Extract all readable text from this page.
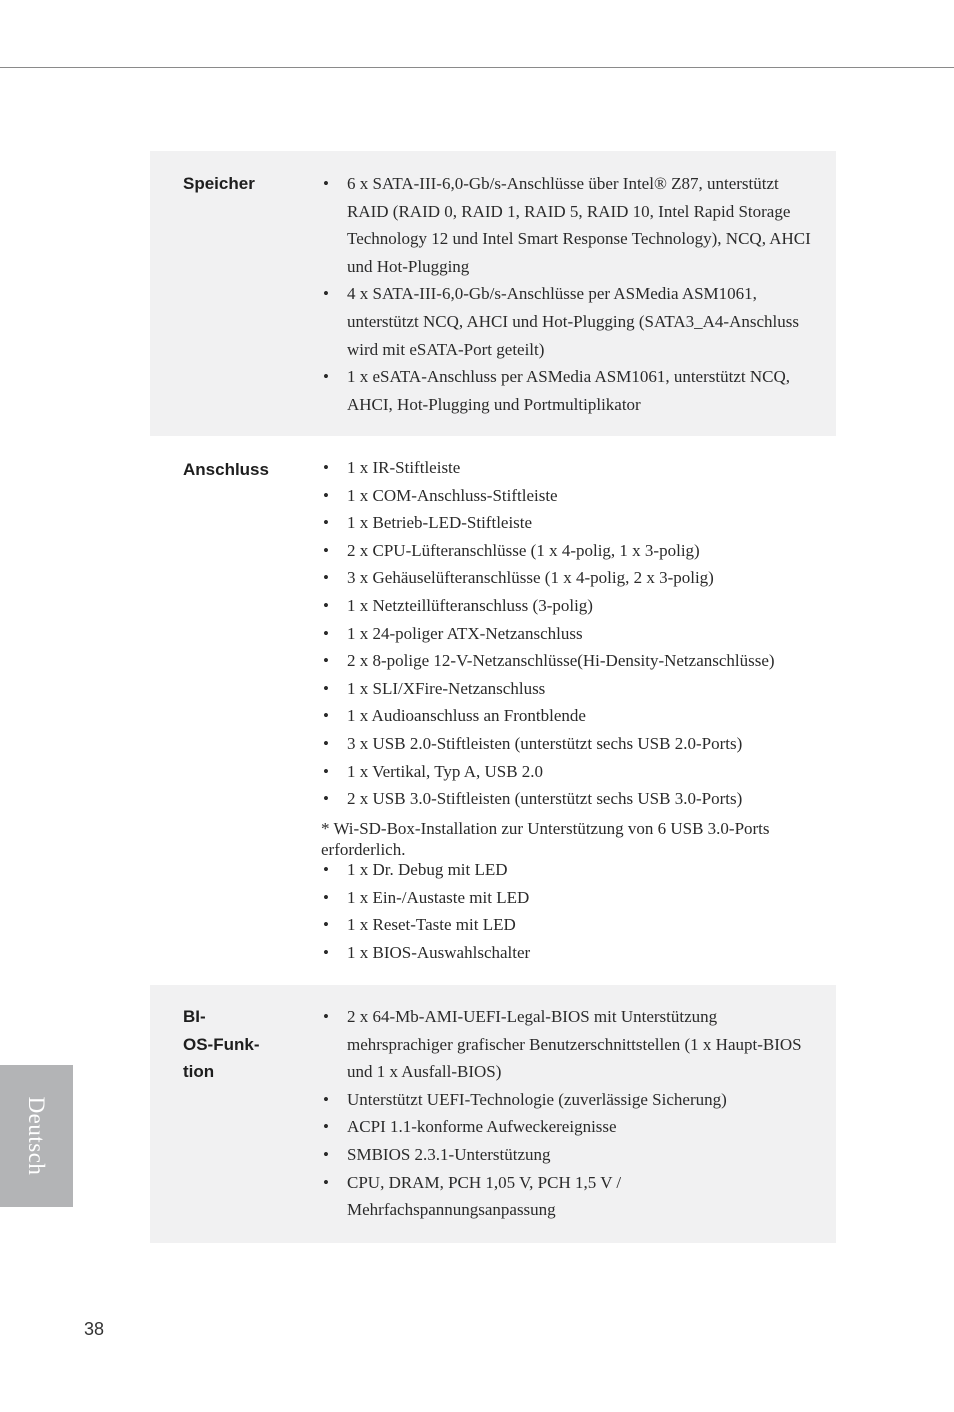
Speicher	• 6 x SATA-III-6,0-Gb/s-Anschlüsse über Intel® Z87, unterstützt RAID (RAID 0, RAID 1, RAID 5, RAID 10, Intel Rapid Storage Technology 12 und Intel Smart Response Technology), NCQ, AHCI und Hot-Plugging
• 4 x SATA-III-6,0-Gb/s-Anschlüsse per ASMedia ASM1061, unterstützt NCQ, AHCI und Hot-Plugging (SATA3_A4-Anschluss wird mit eSATA-Port geteilt)
• 1 x eSATA-Anschluss per ASMedia ASM1061, unterstützt NCQ, AHCI, Hot-Plugging und Portmultiplikator
Anschluss	• 1 x IR-Stiftleiste
• 1 x COM-Anschluss-Stiftleiste
• 1 x Betrieb-LED-Stiftleiste
• 2 x CPU-Lüfteranschlüsse (1 x 4-polig, 1 x 3-polig)
• 3 x Gehäuselüfteranschlüsse (1 x 4-polig, 2 x 3-polig)
• 1 x Netzteillüfteranschluss (3-polig)
• 1 x 24-poliger ATX-Netzanschluss
• 2 x 8-polige 12-V-Netzanschlüsse(Hi-Density-Netzanschlüsse)
• 1 x SLI/XFire-Netzanschluss
• 1 x Audioanschluss an Frontblende
• 3 x USB 2.0-Stiftleisten (unterstützt sechs USB 2.0-Ports)
• 1 x Vertikal, Typ A, USB 2.0
• 2 x USB 3.0-Stiftleisten (unterstützt sechs USB 3.0-Ports)
* Wi-SD-Box-Installation zur Unterstützung von 6 USB 3.0-Ports erforderlich.
• 1 x Dr. Debug mit LED
• 1 x Ein-/Austaste mit LED
• 1 x Reset-Taste mit LED
• 1 x BIOS-Auswahlschalter
BI-
OS-Funk-
tion
• 2 x 64-Mb-AMI-UEFI-Legal-BIOS mit Unterstützung mehrsprachiger grafischer Benutzerschnittstellen (1 x Haupt-BIOS und 1 x Ausfall-BIOS)
• Unterstützt UEFI-Technologie (zuverlässige Sicherung)
• ACPI 1.1-konforme Aufweckereignisse
• SMBIOS 2.3.1-Unterstützung
• CPU, DRAM, PCH 1,05 V, PCH 1,5 V / Mehrfachspannungsanpassung
Deutsch
38
